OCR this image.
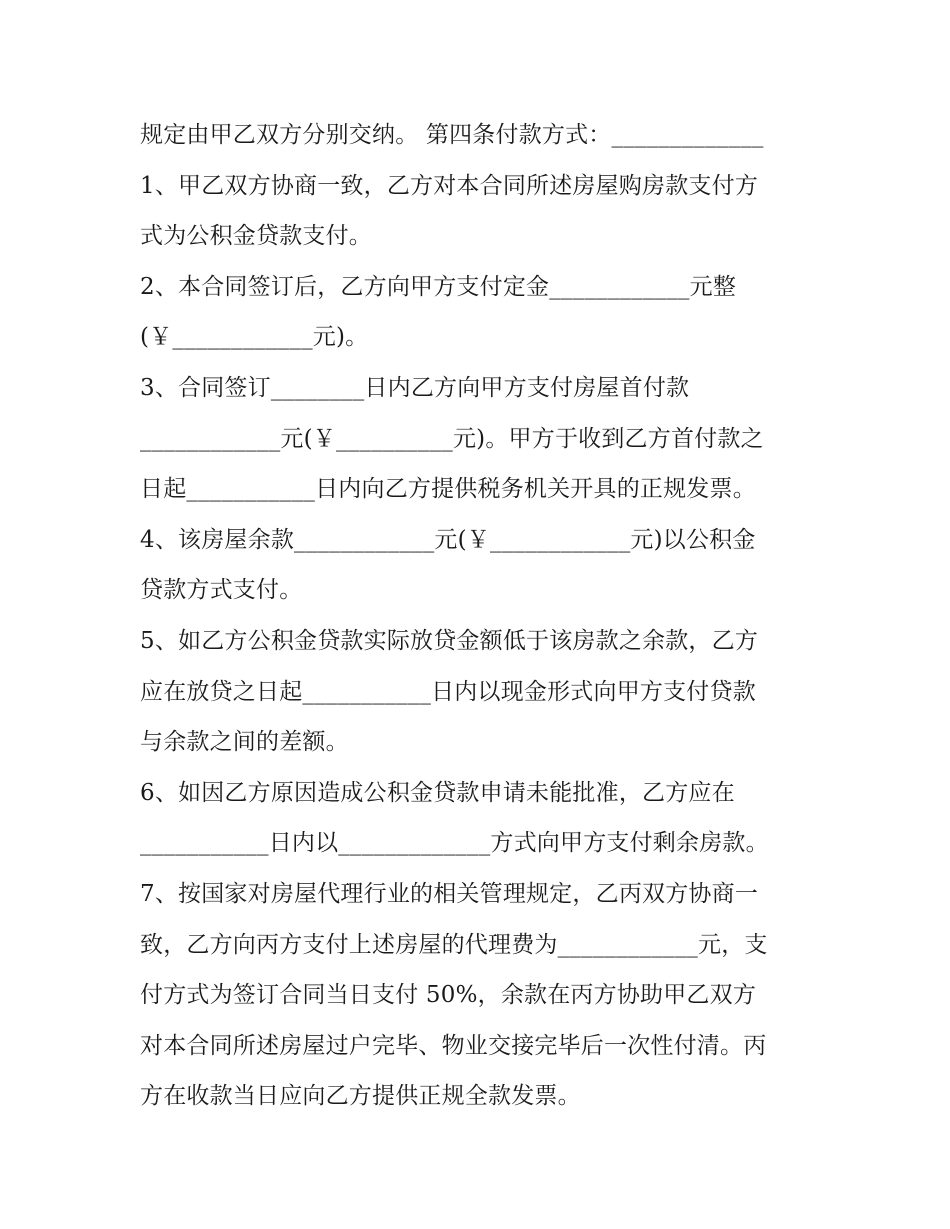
规定由甲乙双方分别交纳。 第四条付款方式：_____________
1、甲乙双方协商一致，乙方对本合同所述房屋购房款支付方
式为公积金贷款支付。
2、本合同签订后，乙方向甲方支付定金____________元整
(￥____________元)。
3、合同签订________日内乙方向甲方支付房屋首付款
____________元(￥__________元)。甲方于收到乙方首付款之
日起___________日内向乙方提供税务机关开具的正规发票。
4、该房屋余款____________元(￥____________元)以公积金
贷款方式支付。
5、如乙方公积金贷款实际放贷金额低于该房款之余款，乙方
应在放贷之日起___________日内以现金形式向甲方支付贷款
与余款之间的差额。
6、如因乙方原因造成公积金贷款申请未能批准，乙方应在
___________日内以_____________方式向甲方支付剩余房款。
7、按国家对房屋代理行业的相关管理规定，乙丙双方协商一
致，乙方向丙方支付上述房屋的代理费为____________元，支
付方式为签订合同当日支付 50%，余款在丙方协助甲乙双方
对本合同所述房屋过户完毕、物业交接完毕后一次性付清。丙
方在收款当日应向乙方提供正规全款发票。
